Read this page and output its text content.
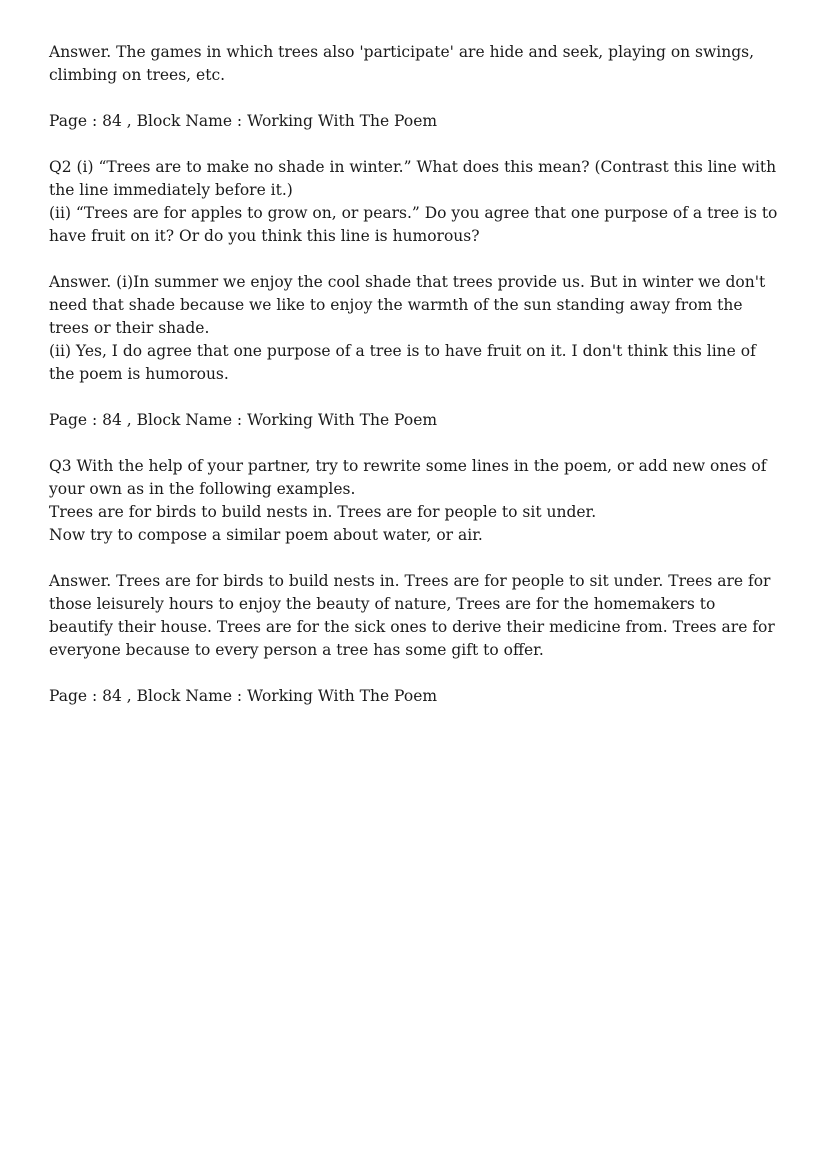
Answer. The games in which trees also 'participate' are hide and seek, playing on swings, climbing on trees, etc.

Page : 84 , Block Name : Working With The Poem

Q2 (i) “Trees are to make no shade in winter.” What does this mean? (Contrast this line with the line immediately before it.)
(ii) “Trees are for apples to grow on, or pears.” Do you agree that one purpose of a tree is to have fruit on it? Or do you think this line is humorous?

Answer. (i)In summer we enjoy the cool shade that trees provide us. But in winter we don't need that shade because we like to enjoy the warmth of the sun standing away from the trees or their shade.
(ii) Yes, I do agree that one purpose of a tree is to have fruit on it. I don't think this line of the poem is humorous.

Page : 84 , Block Name : Working With The Poem

Q3 With the help of your partner, try to rewrite some lines in the poem, or add new ones of your own as in the following examples.
Trees are for birds to build nests in. Trees are for people to sit under.
Now try to compose a similar poem about water, or air.

Answer. Trees are for birds to build nests in. Trees are for people to sit under. Trees are for those leisurely hours to enjoy the beauty of nature, Trees are for the homemakers to beautify their house. Trees are for the sick ones to derive their medicine from. Trees are for everyone because to every person a tree has some gift to offer.

Page : 84 , Block Name : Working With The Poem
